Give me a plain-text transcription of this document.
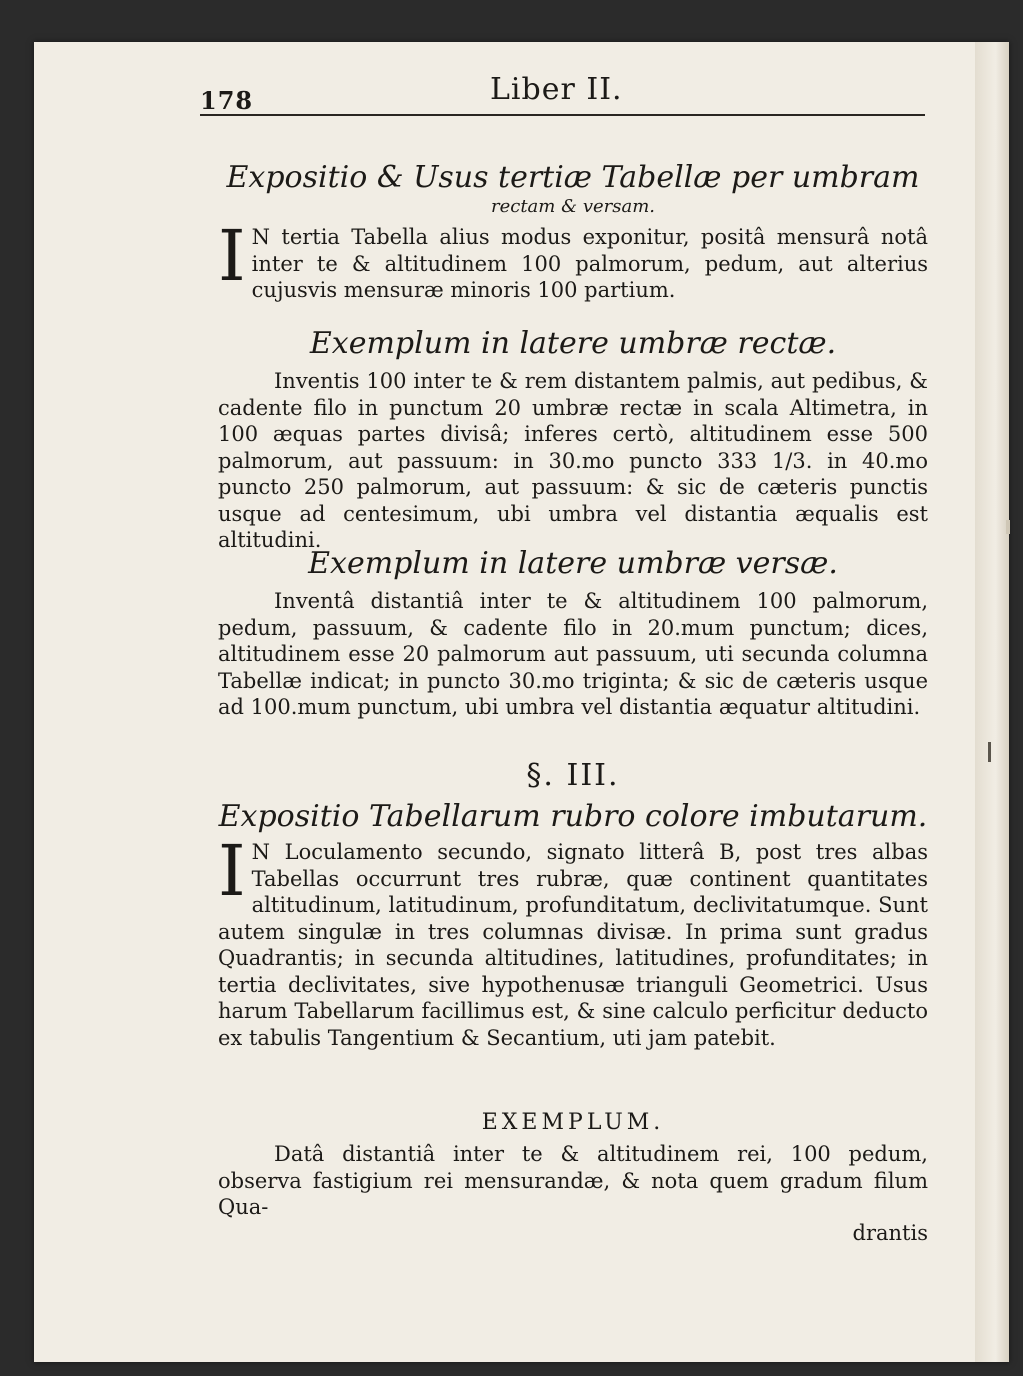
178	Liber II.
Expositio & Usus tertiæ Tabellæ per umbram
rectam & versam.
I N tertia Tabella alius modus exponitur, positâ mensurâ notâ inter te & altitudinem 100 palmorum, pedum, aut alterius cujusvis mensuræ minoris 100 partium.
Exemplum in latere umbræ rectæ.
Inventis 100 inter te & rem distantem palmis, aut pedibus, & cadente filo in punctum 20 umbræ rectæ in scala Altimetra, in 100 æquas partes divisâ; inferes certò, altitudinem esse 500 palmorum, aut passuum: in 30.mo puncto 333 1/3. in 40.mo puncto 250 palmorum, aut passuum: & sic de cæteris punctis usque ad centesimum, ubi umbra vel distantia æqualis est altitudini.
Exemplum in latere umbræ versæ.
Inventâ distantiâ inter te & altitudinem 100 palmorum, pedum, passuum, & cadente filo in 20.mum punctum; dices, altitudinem esse 20 palmorum aut passuum, uti secunda columna Tabellæ indicat; in puncto 30.mo triginta; & sic de cæteris usque ad 100.mum punctum, ubi umbra vel distantia æquatur altitudini.
§. III.
Expositio Tabellarum rubro colore imbutarum.
I N Loculamento secundo, signato litterâ B, post tres albas Tabellas occurrunt tres rubræ, quæ continent quantitates altitudinum, latitudinum, profunditatum, declivitatumque. Sunt autem singulæ in tres columnas divisæ. In prima sunt gradus Quadrantis; in secunda altitudines, latitudines, profunditates; in tertia declivitates, sive hypothenusæ trianguli Geometrici. Usus harum Tabellarum facillimus est, & sine calculo perficitur deducto ex tabulis Tangentium & Secantium, uti jam patebit.
EXEMPLUM.
Datâ distantiâ inter te & altitudinem rei, 100 pedum, observa fastigium rei mensurandæ, & nota quem gradum filum Qua-
drantis
